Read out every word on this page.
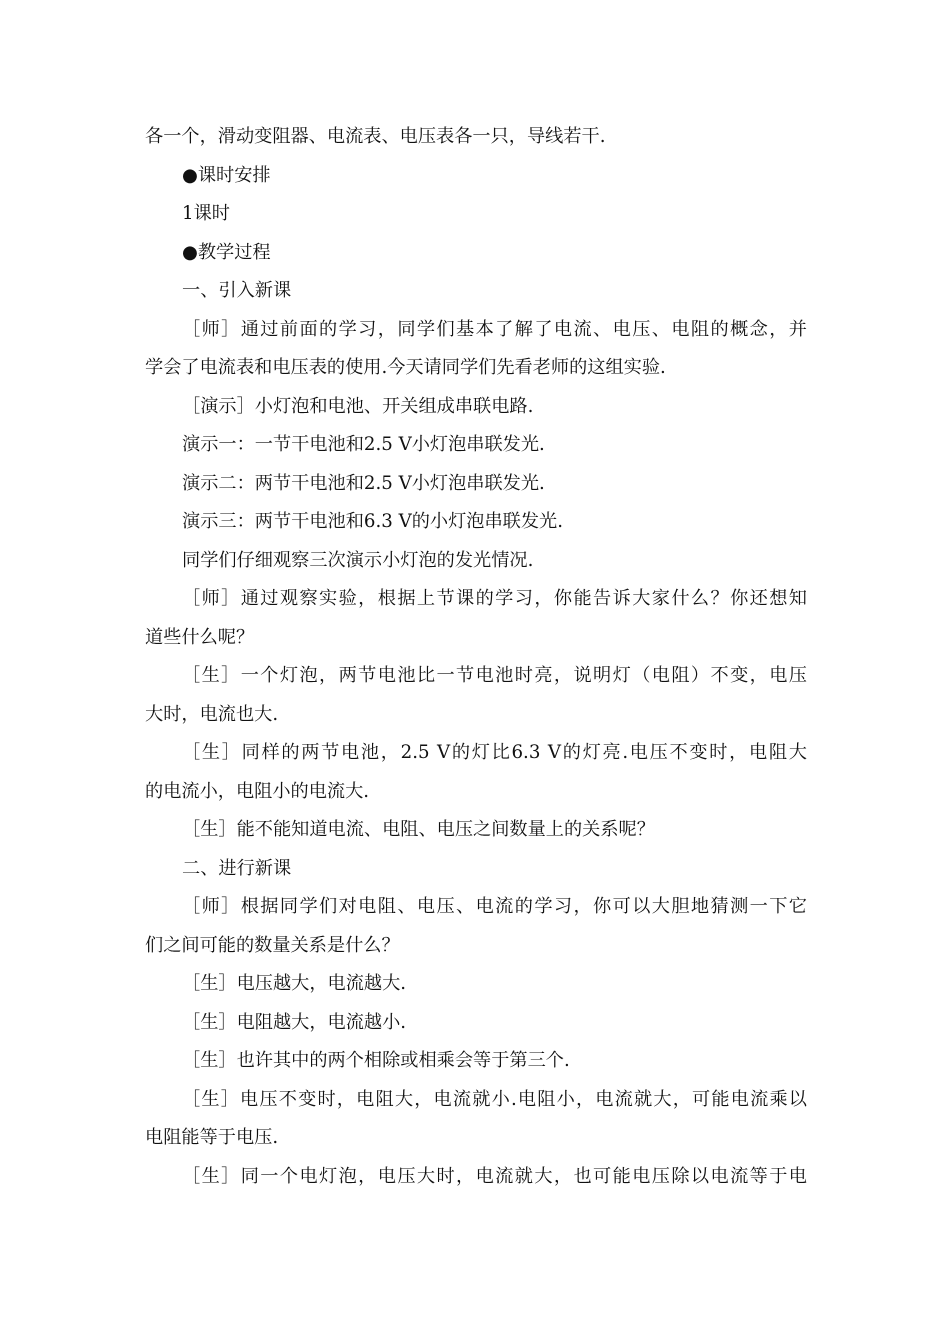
各一个，滑动变阻器、电流表、电压表各一只，导线若干.
●课时安排
1课时
●教学过程
一、引入新课
［师］通过前面的学习，同学们基本了解了电流、电压、电阻的概念，并
学会了电流表和电压表的使用.今天请同学们先看老师的这组实验.
［演示］小灯泡和电池、开关组成串联电路.
演示一：一节干电池和2.5 V小灯泡串联发光.
演示二：两节干电池和2.5 V小灯泡串联发光.
演示三：两节干电池和6.3 V的小灯泡串联发光.
同学们仔细观察三次演示小灯泡的发光情况.
［师］通过观察实验，根据上节课的学习，你能告诉大家什么？你还想知
道些什么呢？
［生］一个灯泡，两节电池比一节电池时亮，说明灯（电阻）不变，电压
大时，电流也大.
［生］同样的两节电池，2.5 V的灯比6.3 V的灯亮.电压不变时，电阻大
的电流小，电阻小的电流大.
［生］能不能知道电流、电阻、电压之间数量上的关系呢？
二、进行新课
［师］根据同学们对电阻、电压、电流的学习，你可以大胆地猜测一下它
们之间可能的数量关系是什么？
［生］电压越大，电流越大.
［生］电阻越大，电流越小.
［生］也许其中的两个相除或相乘会等于第三个.
［生］电压不变时，电阻大，电流就小.电阻小，电流就大，可能电流乘以
电阻能等于电压.
［生］同一个电灯泡，电压大时，电流就大，也可能电压除以电流等于电
